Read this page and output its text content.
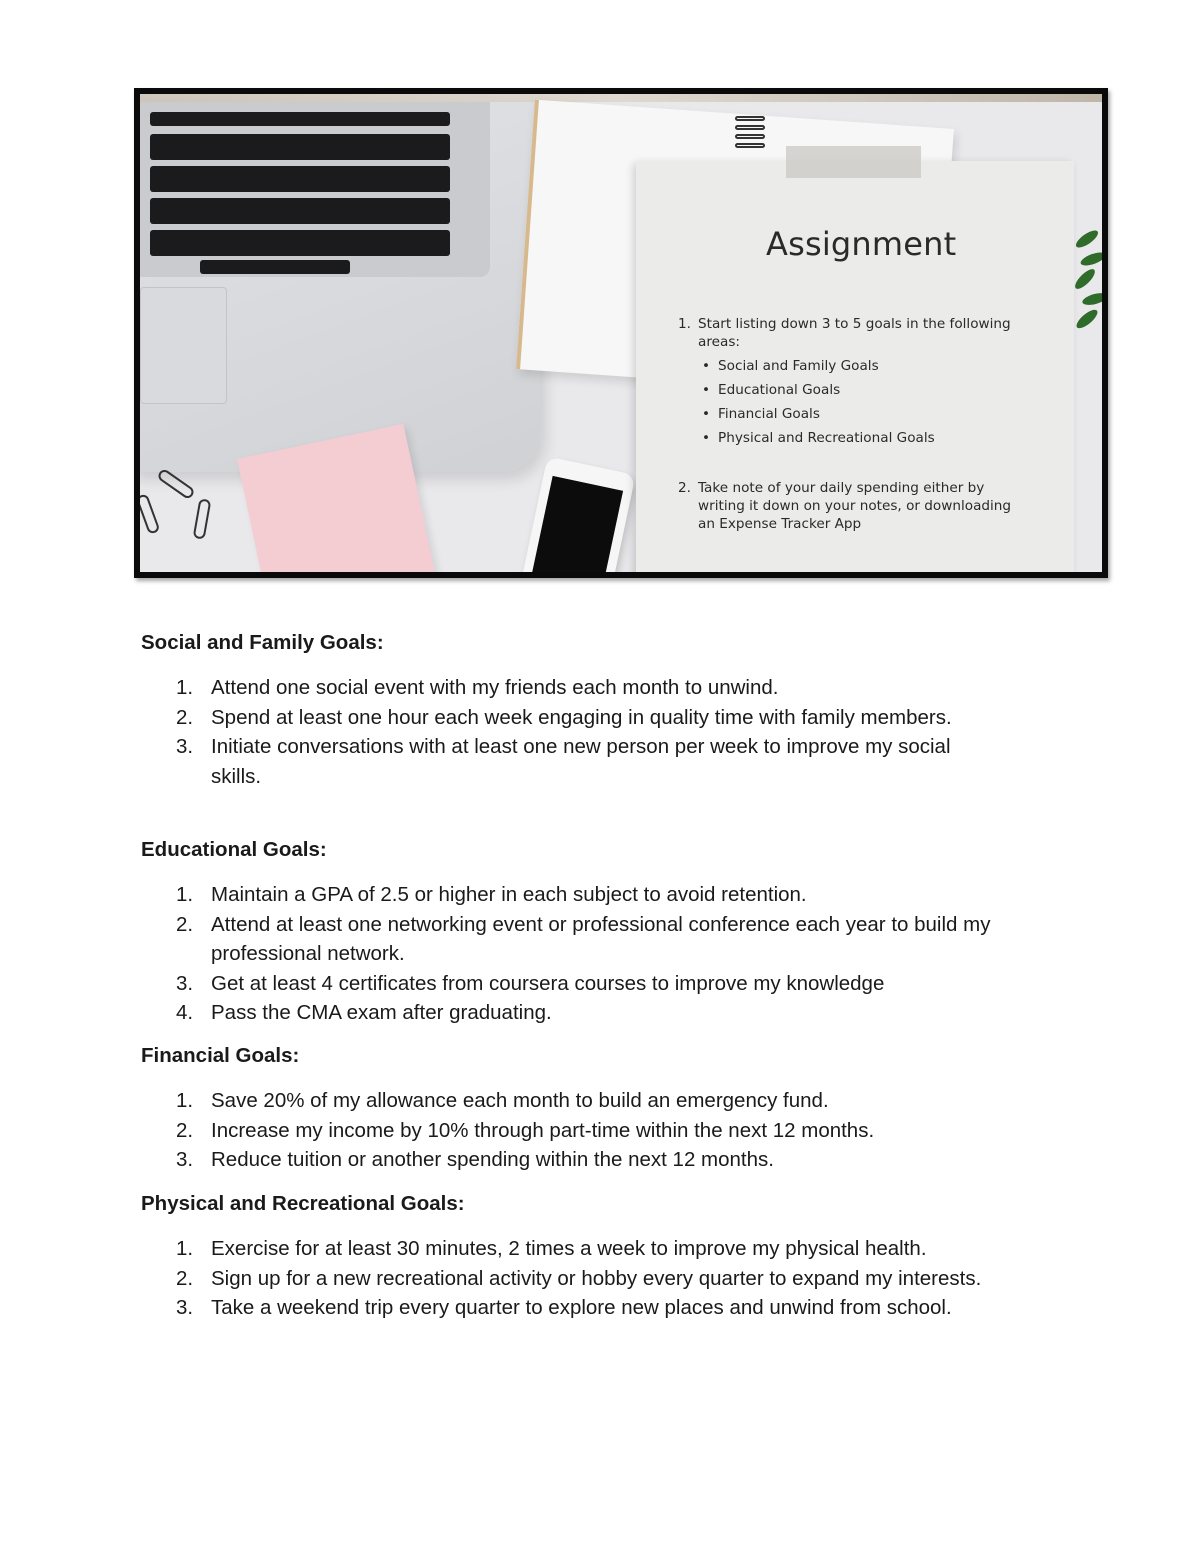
Assignment
1. Start listing down 3 to 5 goals in the following areas:
• Social and Family Goals
• Educational Goals
• Financial Goals
• Physical and Recreational Goals
2. Take note of your daily spending either by writing it down on your notes, or downloading an Expense Tracker App
Social and Family Goals:
1. Attend one social event with my friends each month to unwind.
2. Spend at least one hour each week engaging in quality time with family members.
3. Initiate conversations with at least one new person per week to improve my social skills.
Educational Goals:
1. Maintain a GPA of 2.5 or higher in each subject to avoid retention.
2. Attend at least one networking event or professional conference each year to build my professional network.
3. Get at least 4 certificates from coursera courses to improve my knowledge
4. Pass the CMA exam after graduating.
Financial Goals:
1. Save 20% of my allowance each month to build an emergency fund.
2. Increase my income by 10% through part-time within the next 12 months.
3. Reduce tuition or another spending within the next 12 months.
Physical and Recreational Goals:
1. Exercise for at least 30 minutes, 2 times a week to improve my physical health.
2. Sign up for a new recreational activity or hobby every quarter to expand my interests.
3. Take a weekend trip every quarter to explore new places and unwind from school.
